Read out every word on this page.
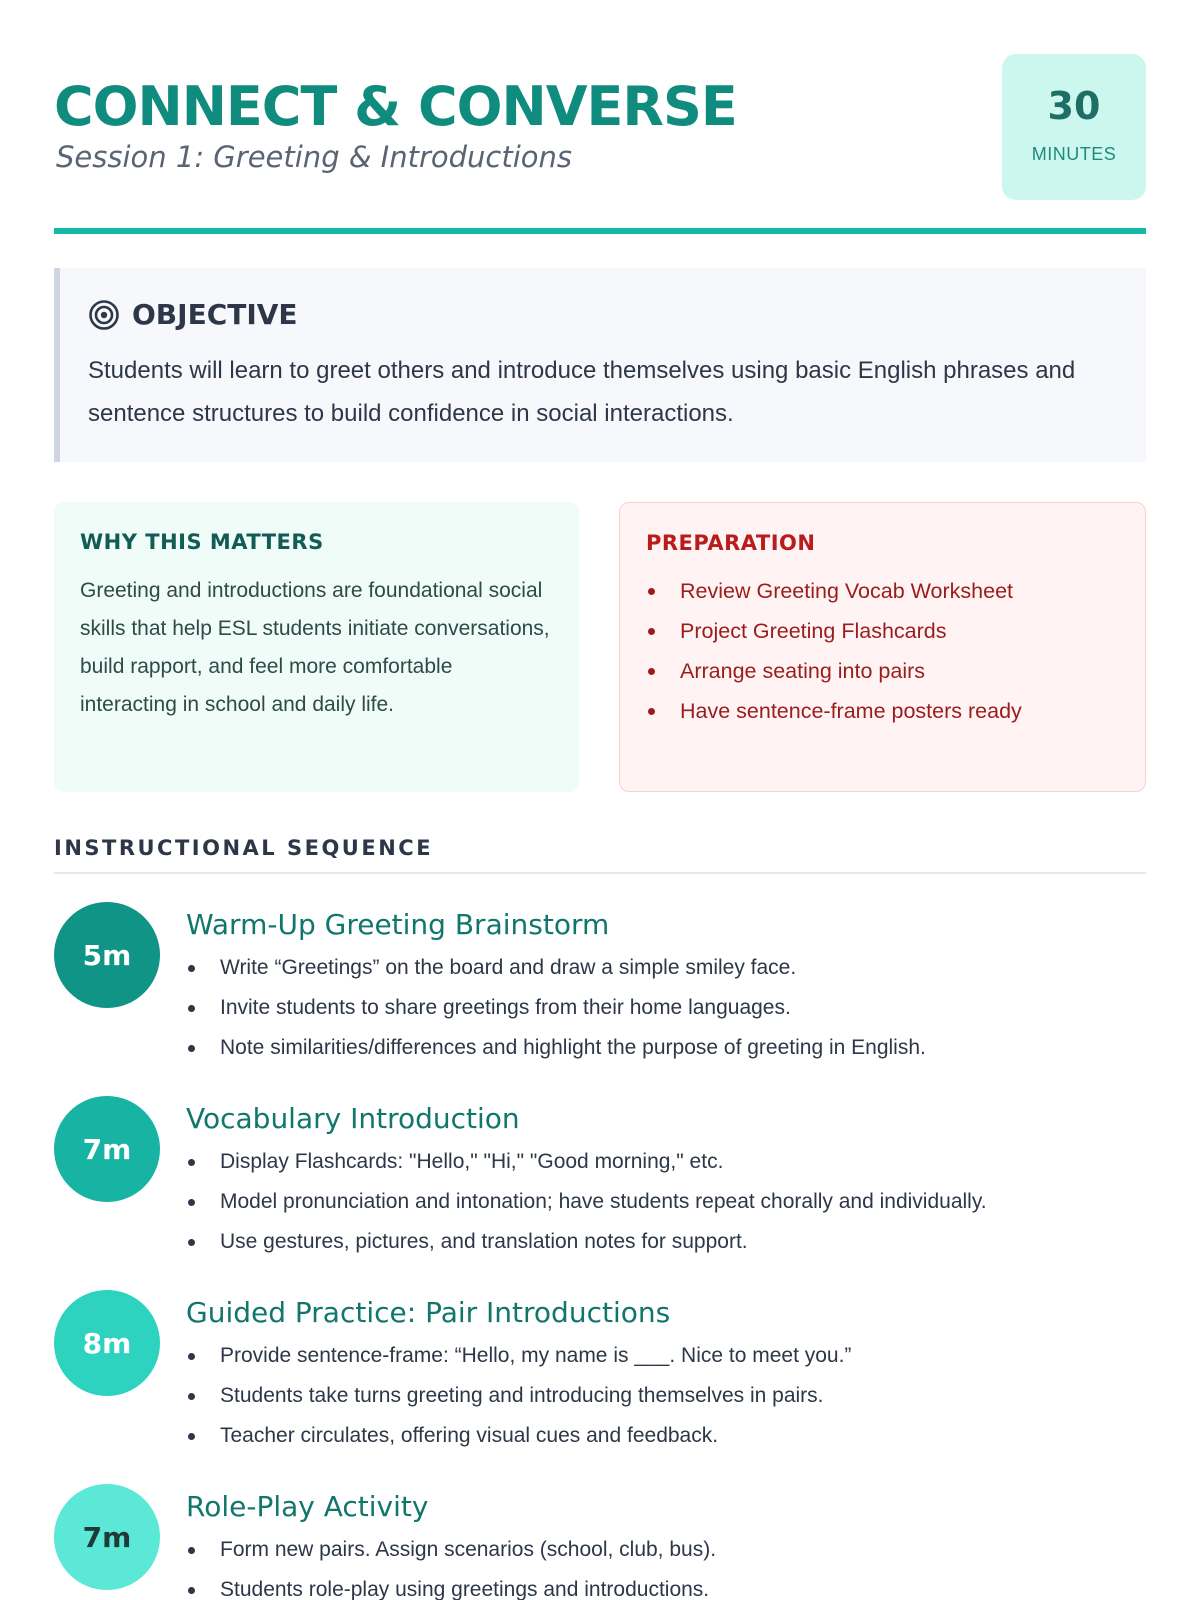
CONNECT & CONVERSE
Session 1: Greeting & Introductions
30
MINUTES
OBJECTIVE

Students will learn to greet others and introduce themselves using basic English phrases and sentence structures to build confidence in social interactions.

WHY THIS MATTERS

Greeting and introductions are foundational social skills that help ESL students initiate conversations, build rapport, and feel more comfortable interacting in school and daily life.

PREPARATION
Review Greeting Vocab Worksheet
Project Greeting Flashcards
Arrange seating into pairs
Have sentence-frame posters ready
INSTRUCTIONAL SEQUENCE
5m
Warm-Up Greeting Brainstorm
Write “Greetings” on the board and draw a simple smiley face.
Invite students to share greetings from their home languages.
Note similarities/differences and highlight the purpose of greeting in English.
7m
Vocabulary Introduction
Display Flashcards: "Hello," "Hi," "Good morning," etc.
Model pronunciation and intonation; have students repeat chorally and individually.
Use gestures, pictures, and translation notes for support.
8m
Guided Practice: Pair Introductions
Provide sentence-frame: “Hello, my name is ___. Nice to meet you.”
Students take turns greeting and introducing themselves in pairs.
Teacher circulates, offering visual cues and feedback.
7m
Role-Play Activity
Form new pairs. Assign scenarios (school, club, bus).
Students role-play using greetings and introductions.
